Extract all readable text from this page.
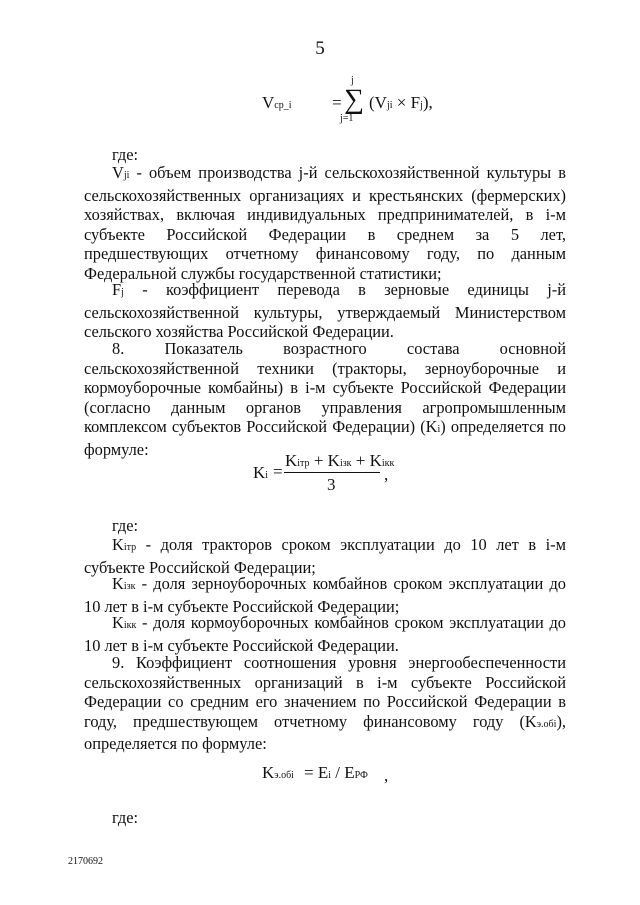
5
Vср_i =
j
∑
j=1
(Vji × Fj),

где:

Vji - объем производства j-й сельскохозяйственной культуры в сельскохозяйственных организациях и крестьянских (фермерских) хозяйствах, включая индивидуальных предпринимателей, в i-м субъекте Российской Федерации в среднем за 5 лет, предшествующих отчетному финансовому году, по данным Федеральной службы государственной статистики;

Fj - коэффициент перевода в зерновые единицы j-й сельскохозяйственной культуры, утверждаемый Министерством сельского хозяйства Российской Федерации.

8. Показатель возрастного состава основной сельскохозяйственной техники (тракторы, зерноуборочные и кормоуборочные комбайны) в i-м субъекте Российской Федерации (согласно данным органов управления агропромышленным комплексом субъектов Российской Федерации) (Ki) определяется по формуле:

Ki =
Kiтр + Kiзк + Kiкк
3
,

где:

Kiтр - доля тракторов сроком эксплуатации до 10 лет в i-м субъекте Российской Федерации;

Kiзк - доля зерноуборочных комбайнов сроком эксплуатации до 10 лет в i-м субъекте Российской Федерации;

Kiкк - доля кормоуборочных комбайнов сроком эксплуатации до 10 лет в i-м субъекте Российской Федерации.

9. Коэффициент соотношения уровня энергообеспеченности сельскохозяйственных организаций в i-м субъекте Российской Федерации со средним его значением по Российской Федерации в году, предшествующем отчетному финансовому году (Kэ.обi), определяется по формуле:

Kэ.обi = Ei / EРФ ,

где:

2170692
